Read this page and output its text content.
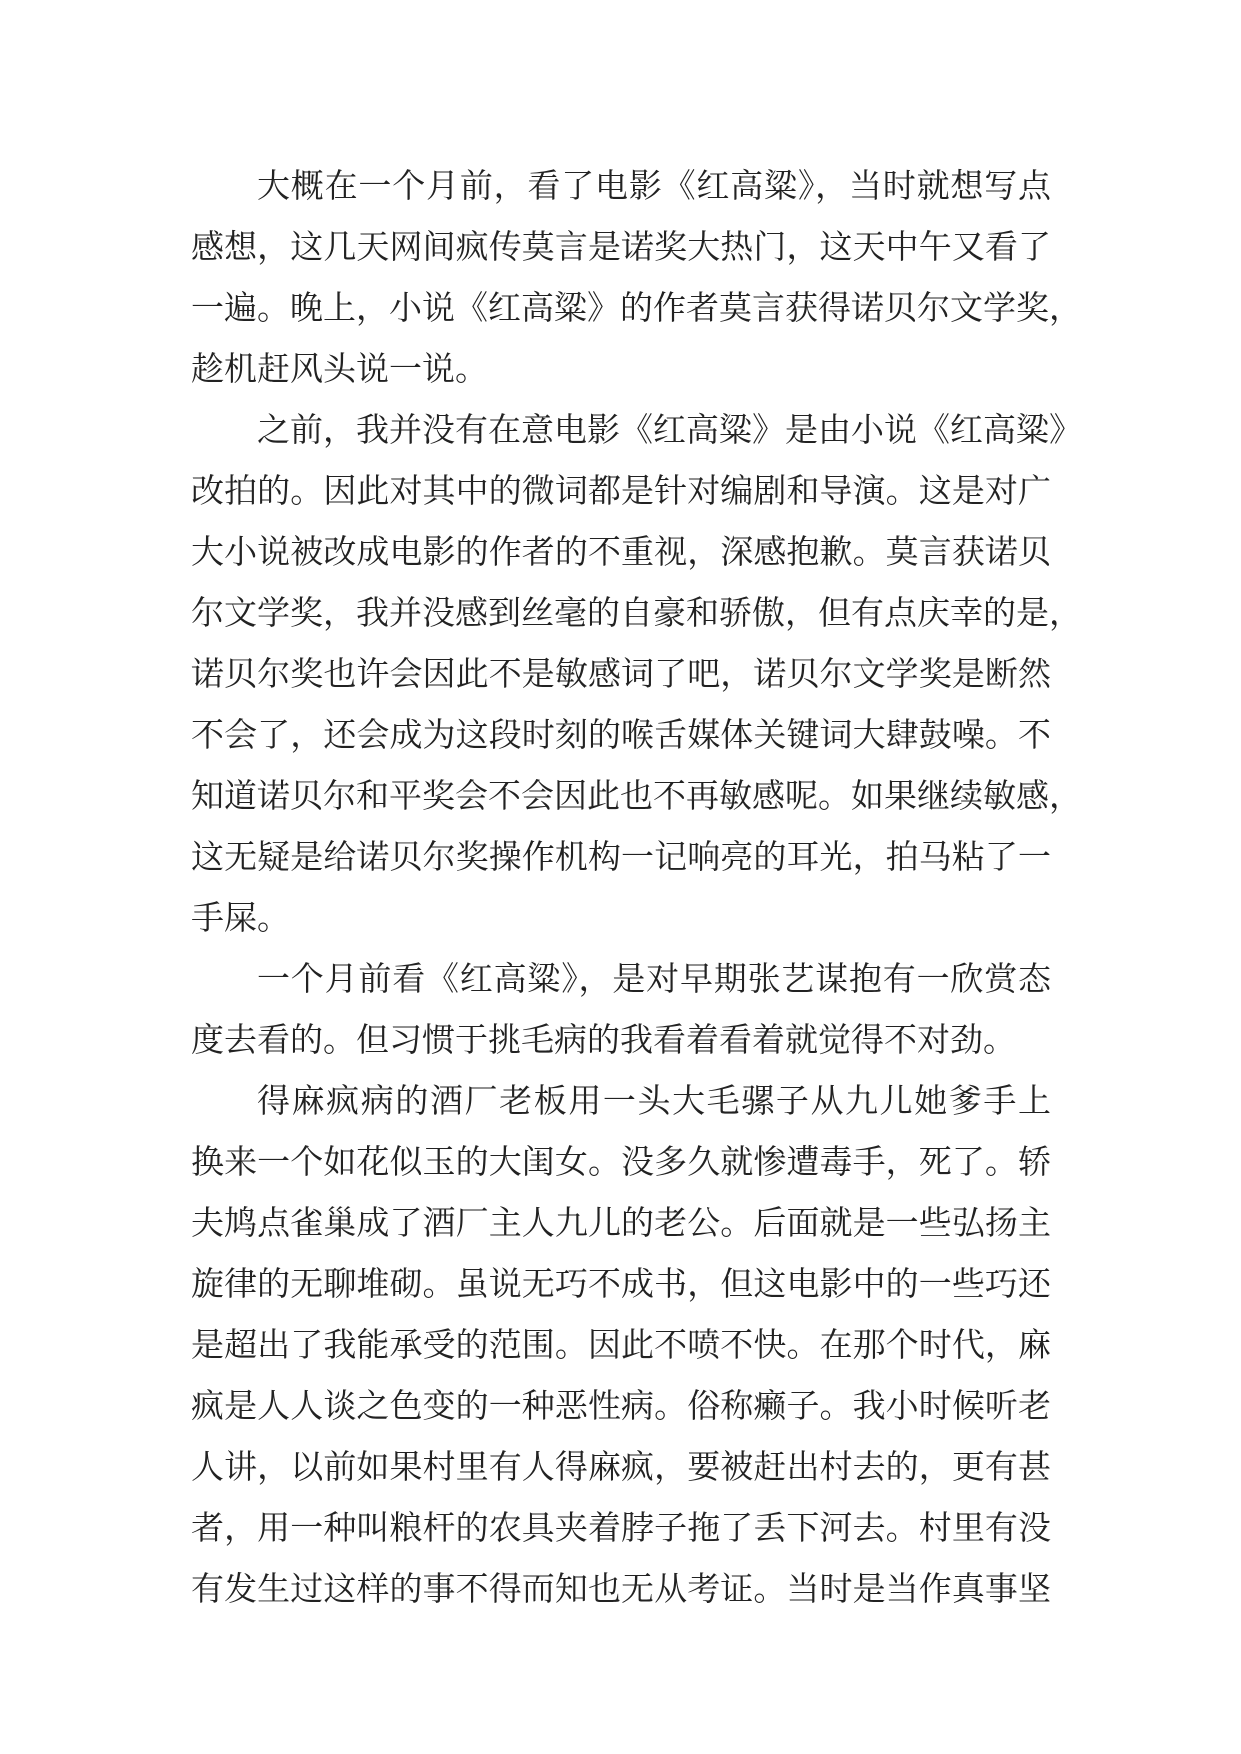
大概在一个月前，看了电影《红高粱》，当时就想写点
感想，这几天网间疯传莫言是诺奖大热门，这天中午又看了
一遍。晚上，小说《红高粱》的作者莫言获得诺贝尔文学奖，
趁机赶风头说一说。
之前，我并没有在意电影《红高粱》是由小说《红高粱》
改拍的。因此对其中的微词都是针对编剧和导演。这是对广
大小说被改成电影的作者的不重视，深感抱歉。莫言获诺贝
尔文学奖，我并没感到丝毫的自豪和骄傲，但有点庆幸的是，
诺贝尔奖也许会因此不是敏感词了吧，诺贝尔文学奖是断然
不会了，还会成为这段时刻的喉舌媒体关键词大肆鼓噪。不
知道诺贝尔和平奖会不会因此也不再敏感呢。如果继续敏感，
这无疑是给诺贝尔奖操作机构一记响亮的耳光，拍马粘了一
手屎。
一个月前看《红高粱》，是对早期张艺谋抱有一欣赏态
度去看的。但习惯于挑毛病的我看着看着就觉得不对劲。
得麻疯病的酒厂老板用一头大毛骡子从九儿她爹手上
换来一个如花似玉的大闺女。没多久就惨遭毒手，死了。轿
夫鸠点雀巢成了酒厂主人九儿的老公。后面就是一些弘扬主
旋律的无聊堆砌。虽说无巧不成书，但这电影中的一些巧还
是超出了我能承受的范围。因此不喷不快。在那个时代，麻
疯是人人谈之色变的一种恶性病。俗称癞子。我小时候听老
人讲，以前如果村里有人得麻疯，要被赶出村去的，更有甚
者，用一种叫粮杆的农具夹着脖子拖了丢下河去。村里有没
有发生过这样的事不得而知也无从考证。当时是当作真事坚
